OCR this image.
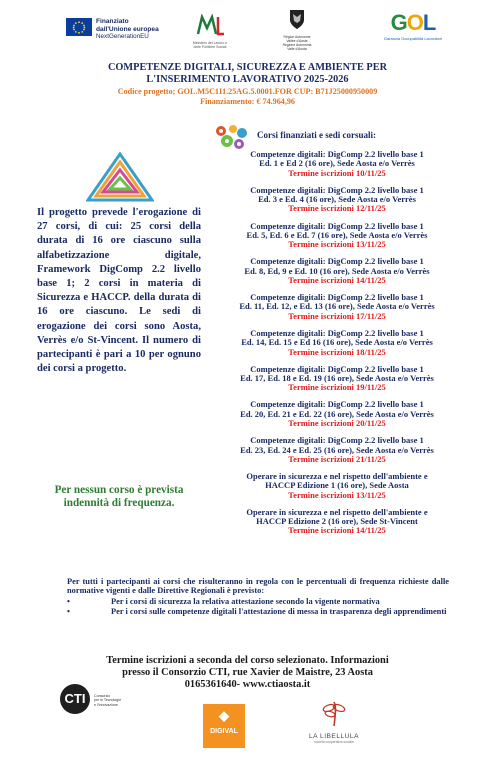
Finanziato
dall'Unione europea
NextGenerationEU
Ministero del Lavoro e delle Politiche Sociali
Région Autonome
Vallée d'Aoste
Regione Autonoma
Valle d'Aosta
GOL
Garanzia Occupabilità Lavoratori
COMPETENZE DIGITALI, SICUREZZA E AMBIENTE PER
L'INSERIMENTO LAVORATIVO 2025-2026
Codice progetto; GOL.M5C1I1.25AG.5.0001.FOR CUP: B71J25000950009
Finanziamento: € 74.964,96
Il progetto prevede l'erogazione di 27 corsi, di cui: 25 corsi della durata di 16 ore ciascuno sulla alfabetizzazione digitale, Framework DigComp 2.2 livello base 1; 2 corsi in materia di Sicurezza e HACCP. della durata di 16 ore ciascuno. Le sedi di erogazione dei corsi sono Aosta, Verrès e/o St-Vincent. Il numero di partecipanti è pari a 10 per ognuno dei corsi a progetto.
Per nessun corso è prevista indennità di frequenza.
Corsi finanziati e sedi corsuali:
Competenze digitali: DigComp 2.2 livello base 1
Ed. 1 e Ed 2 (16 ore), Sede Aosta e/o Verrès
Termine iscrizioni 10/11/25
Competenze digitali: DigComp 2.2 livello base 1
Ed. 3 e Ed. 4 (16 ore), Sede Aosta e/o Verrès
Termine iscrizioni 12/11/25
Competenze digitali: DigComp 2.2 livello base 1
Ed. 5, Ed. 6 e Ed. 7 (16 ore), Sede Aosta e/o Verrès
Termine iscrizioni 13/11/25
Competenze digitali: DigComp 2.2 livello base 1
Ed. 8, Ed, 9 e Ed. 10 (16 ore), Sede Aosta e/o Verrès
Termine iscrizioni 14/11/25
Competenze digitali: DigComp 2.2 livello base 1
Ed. 11, Ed. 12, e Ed. 13 (16 ore), Sede Aosta e/o Verrès
Termine iscrizioni 17/11/25
Competenze digitali: DigComp 2.2 livello base 1
Ed. 14, Ed. 15 e Ed 16 (16 ore), Sede Aosta e/o Verrès
Termine iscrizioni 18/11/25
Competenze digitali: DigComp 2.2 livello base 1
Ed. 17, Ed. 18 e Ed. 19 (16 ore), Sede Aosta e/o Verrès
Termine iscrizioni 19/11/25
Competenze digitali: DigComp 2.2 livello base 1
Ed. 20, Ed. 21 e Ed. 22 (16 ore), Sede Aosta e/o Verrès
Termine iscrizioni 20/11/25
Competenze digitali: DigComp 2.2 livello base 1
Ed. 23, Ed. 24 e Ed. 25 (16 ore), Sede Aosta e/o Verrès
Termine iscrizioni 21/11/25
Operare in sicurezza e nel rispetto dell'ambiente e
HACCP Edizione 1 (16 ore), Sede Aosta
Termine iscrizioni 13/11/25
Operare in sicurezza e nel rispetto dell'ambiente e
HACCP Edizione 2 (16 ore), Sede St-Vincent
Termine iscrizioni 14/11/25
Per tutti i partecipanti ai corsi che risulteranno in regola con le percentuali di frequenza richieste dalle normative vigenti e dalle Direttive Regionali è previsto:
•	Per i corsi di sicurezza la relativa attestazione secondo la vigente normativa
•	Per i corsi sulle competenze digitali l'attestazione di messa in trasparenza degli apprendimenti
Termine iscrizioni a seconda del corso selezionato. Informazioni
presso il Consorzio CTI, rue Xavier de Maistre, 23 Aosta
0165361640- www.ctiaosta.it
CTI	Consorzio
per le Tecnologie
e l'Innovazione
◆
DIGIVAL
LA LIBELLULA
società cooperativa sociale
